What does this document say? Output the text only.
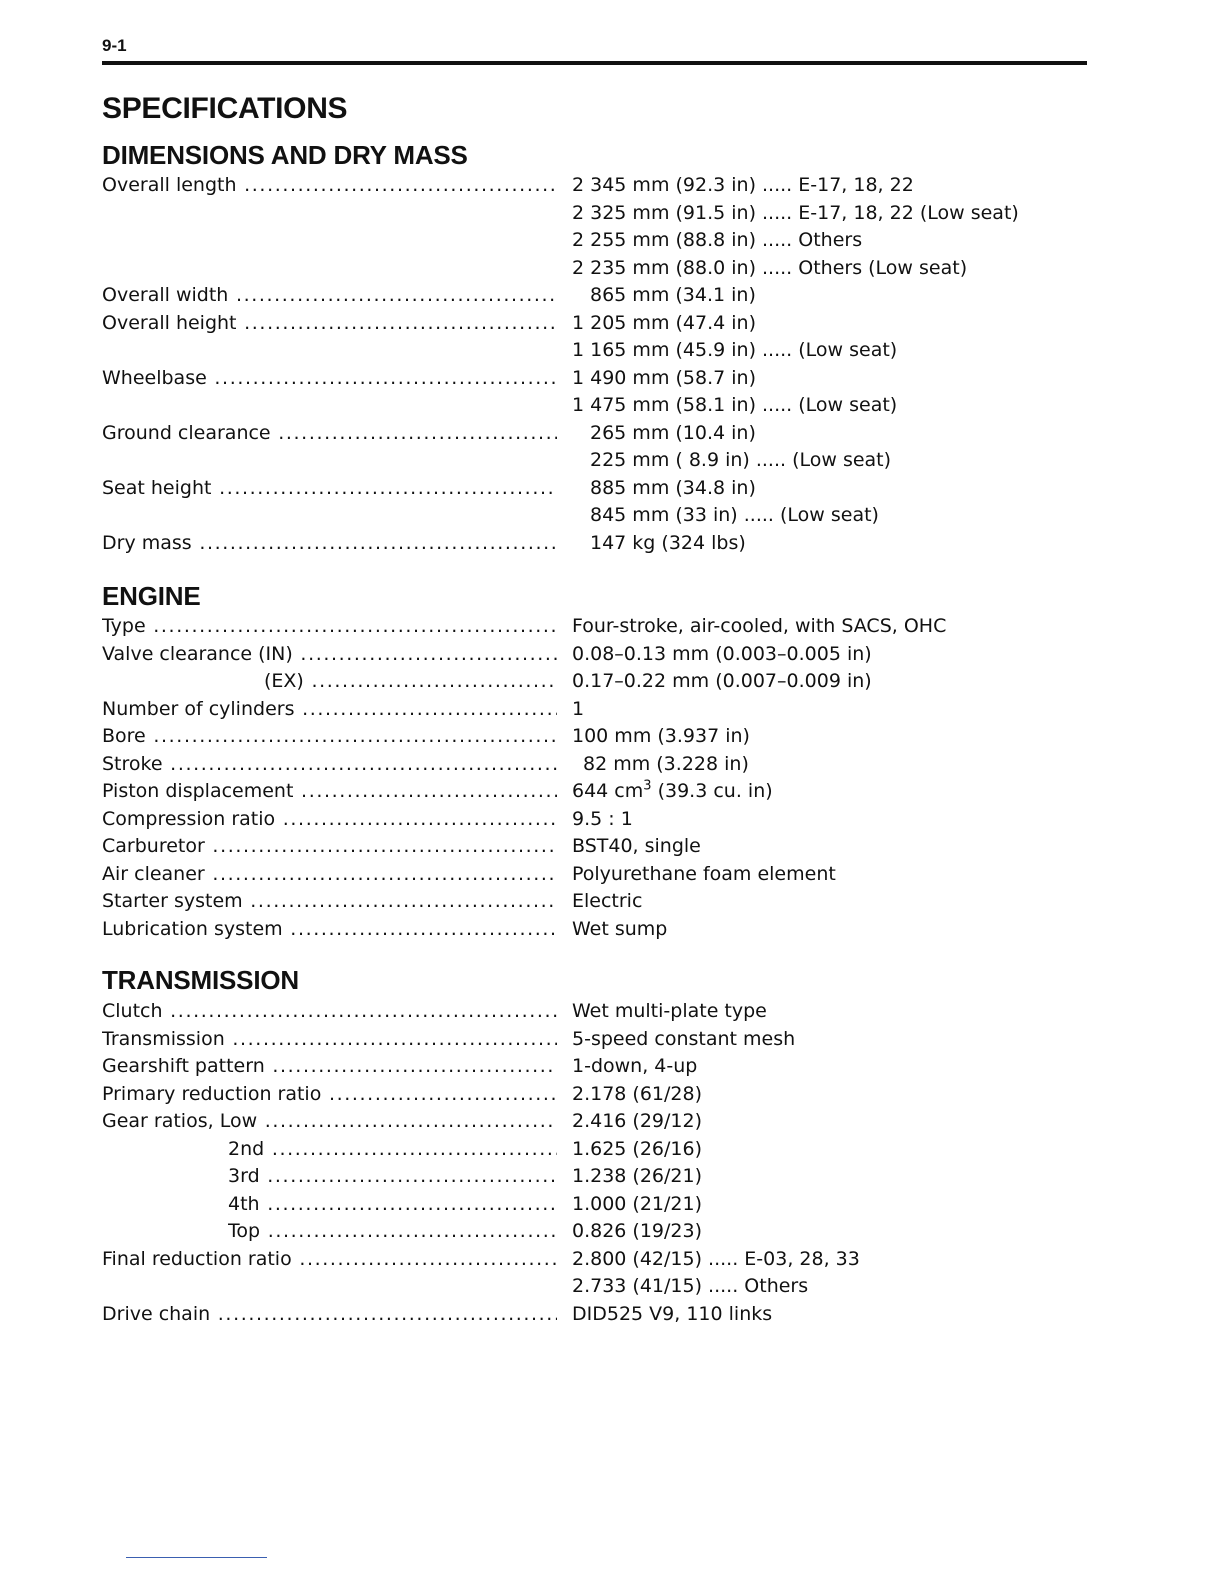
9-1
SPECIFICATIONS
DIMENSIONS AND DRY MASS
Overall length .....	2 345 mm (92.3 in) ..... E-17, 18, 22
2 325 mm (91.5 in) ..... E-17, 18, 22 (Low seat)
2 255 mm (88.8 in) ..... Others
2 235 mm (88.0 in) ..... Others (Low seat)
Overall width .....	865 mm (34.1 in)
Overall height .....	1 205 mm (47.4 in)
1 165 mm (45.9 in) ..... (Low seat)
Wheelbase .....	1 490 mm (58.7 in)
1 475 mm (58.1 in) ..... (Low seat)
Ground clearance .....	265 mm (10.4 in)
225 mm ( 8.9 in) ..... (Low seat)
Seat height .....	885 mm (34.8 in)
845 mm (33 in) ..... (Low seat)
Dry mass .....	147 kg (324 lbs)
ENGINE
Type .....	Four-stroke, air-cooled, with SACS, OHC
Valve clearance (IN) .....	0.08–0.13 mm (0.003–0.005 in)
(EX) .....	0.17–0.22 mm (0.007–0.009 in)
Number of cylinders .....	1
Bore .....	100 mm (3.937 in)
Stroke .....	82 mm (3.228 in)
Piston displacement .....	644 $cm^3$ (39.3 cu. in)
Compression ratio .....	9.5 : 1
Carburetor .....	BST40, single
Air cleaner .....	Polyurethane foam element
Starter system .....	Electric
Lubrication system .....	Wet sump
TRANSMISSION
Clutch .....	Wet multi-plate type
Transmission .....	5-speed constant mesh
Gearshift pattern .....	1-down, 4-up
Primary reduction ratio .....	2.178 (61/28)
Gear ratios, Low .....	2.416 (29/12)
2nd .....	1.625 (26/16)
3rd .....	1.238 (26/21)
4th .....	1.000 (21/21)
Top .....	0.826 (19/23)
Final reduction ratio .....	2.800 (42/15) ..... E-03, 28, 33
2.733 (41/15) ..... Others
Drive chain .....	DID525 V9, 110 links
